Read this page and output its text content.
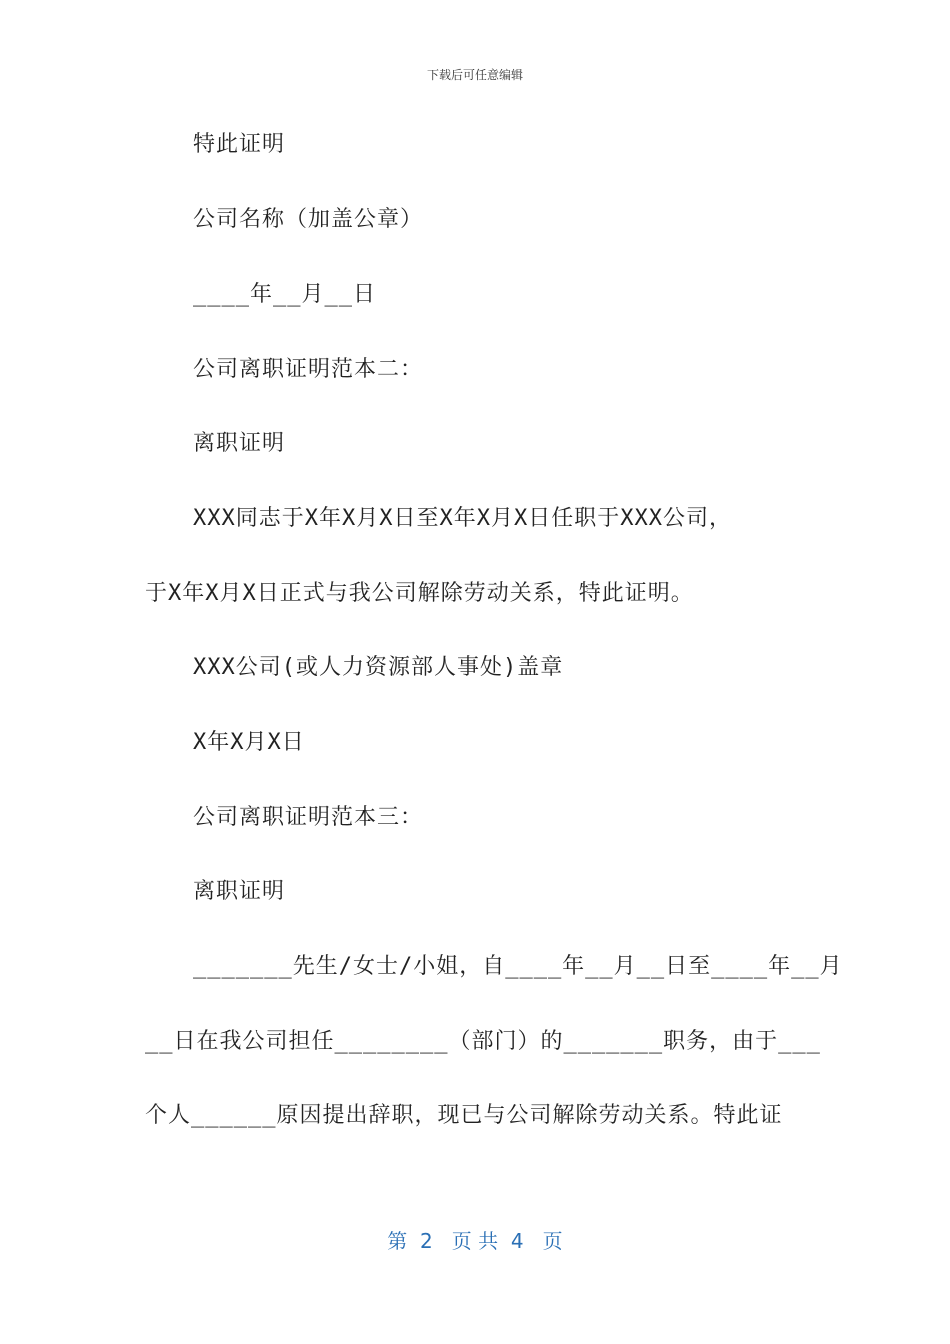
下载后可任意编辑
特此证明
公司名称（加盖公章）
____年__月__日
公司离职证明范本二：
离职证明
XXX同志于X年X月X日至X年X月X日任职于XXX公司，
于X年X月X日正式与我公司解除劳动关系，特此证明。
XXX公司(或人力资源部人事处)盖章
X年X月X日
公司离职证明范本三：
离职证明
_______先生/女士/小姐，自____年__月__日至____年__月
__日在我公司担任________（部门）的_______职务，由于___
个人______原因提出辞职，现已与公司解除劳动关系。特此证
第  2   页 共  4   页
